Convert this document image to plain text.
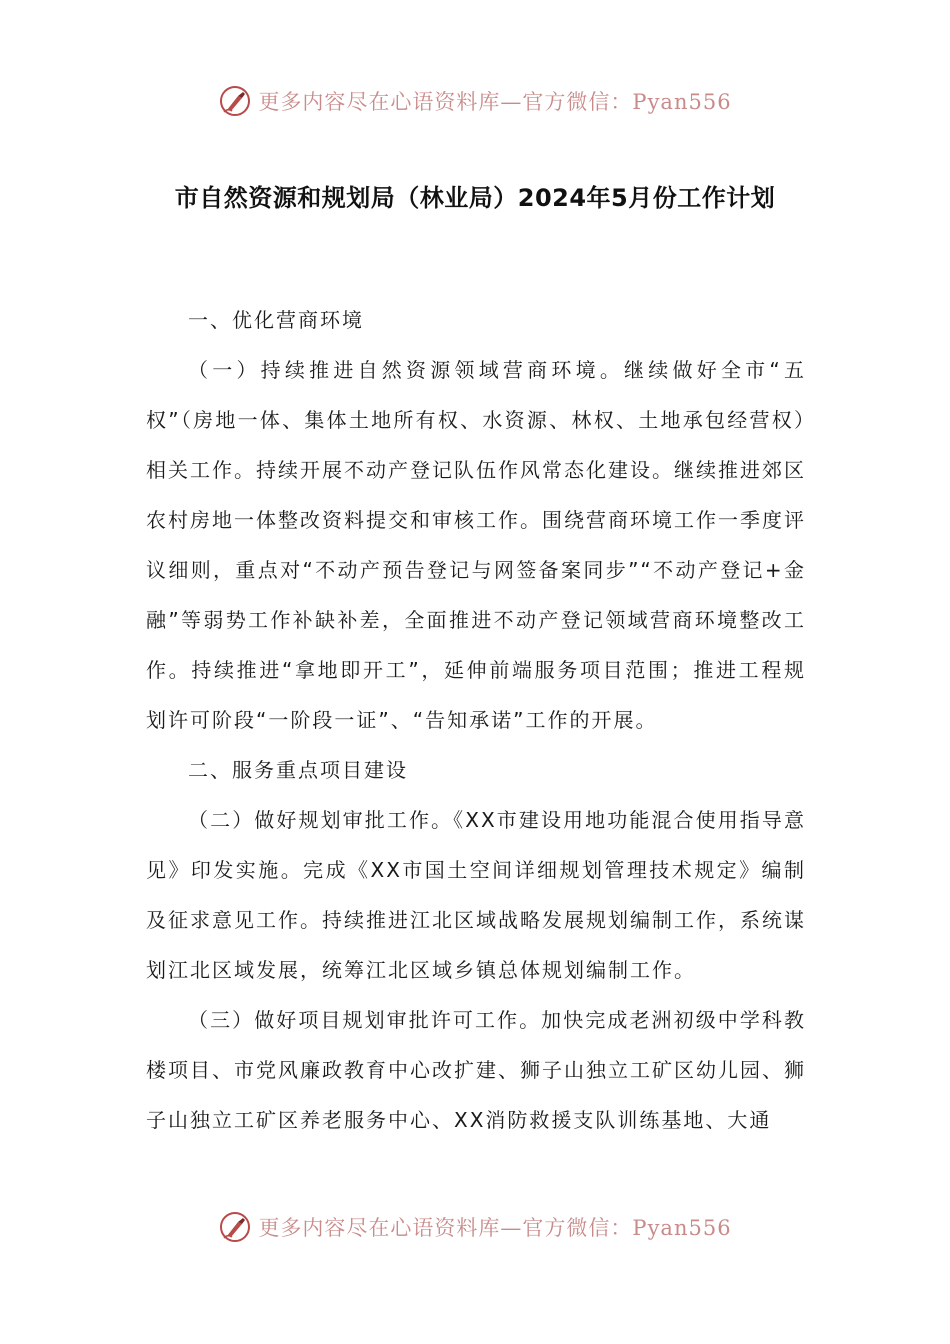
更多内容尽在心语资料库—官方微信：Pyan556
市自然资源和规划局（林业局）2024年5月份工作计划

一、优化营商环境

（一）持续推进自然资源领域营商环境。继续做好全市“五权”（房地一体、集体土地所有权、水资源、林权、土地承包经营权）相关工作。持续开展不动产登记队伍作风常态化建设。继续推进郊区农村房地一体整改资料提交和审核工作。围绕营商环境工作一季度评议细则，重点对“不动产预告登记与网签备案同步”“不动产登记+金融”等弱势工作补缺补差，全面推进不动产登记领域营商环境整改工作。持续推进“拿地即开工”，延伸前端服务项目范围；推进工程规划许可阶段“一阶段一证”、“告知承诺”工作的开展。

二、服务重点项目建设

（二）做好规划审批工作。《XX市建设用地功能混合使用指导意见》印发实施。完成《XX市国土空间详细规划管理技术规定》编制及征求意见工作。持续推进江北区域战略发展规划编制工作，系统谋划江北区域发展，统筹江北区域乡镇总体规划编制工作。

（三）做好项目规划审批许可工作。加快完成老洲初级中学科教楼项目、市党风廉政教育中心改扩建、狮子山独立工矿区幼儿园、狮子山独立工矿区养老服务中心、XX消防救援支队训练基地、大通

更多内容尽在心语资料库—官方微信：Pyan556
